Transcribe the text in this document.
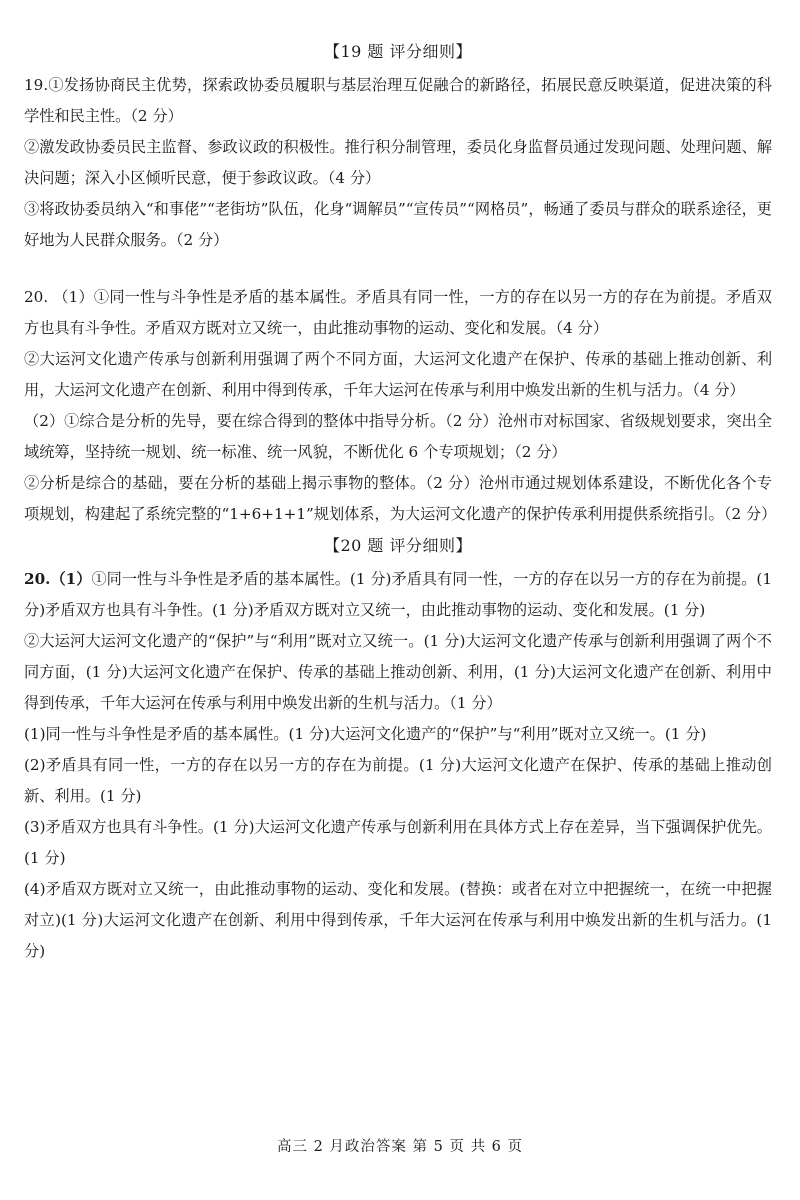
【19 题 评分细则】

19.①发扬协商民主优势，探索政协委员履职与基层治理互促融合的新路径，拓展民意反映渠道，促进决策的科学性和民主性。（2 分）

②激发政协委员民主监督、参政议政的积极性。推行积分制管理，委员化身监督员通过发现问题、处理问题、解决问题；深入小区倾听民意，便于参政议政。（4 分）

③将政协委员纳入“和事佬”“老街坊”队伍，化身“调解员”“宣传员”“网格员”，畅通了委员与群众的联系途径，更好地为人民群众服务。（2 分）

20. （1）①同一性与斗争性是矛盾的基本属性。矛盾具有同一性，一方的存在以另一方的存在为前提。矛盾双方也具有斗争性。矛盾双方既对立又统一，由此推动事物的运动、变化和发展。（4 分）

②大运河文化遗产传承与创新利用强调了两个不同方面，大运河文化遗产在保护、传承的基础上推动创新、利用，大运河文化遗产在创新、利用中得到传承，千年大运河在传承与利用中焕发出新的生机与活力。（4 分）

（2）①综合是分析的先导，要在综合得到的整体中指导分析。（2 分）沧州市对标国家、省级规划要求，突出全域统筹，坚持统一规划、统一标准、统一风貌，不断优化 6 个专项规划；（2 分）

②分析是综合的基础，要在分析的基础上揭示事物的整体。（2 分）沧州市通过规划体系建设，不断优化各个专项规划，构建起了系统完整的“1+6+1+1”规划体系，为大运河文化遗产的保护传承利用提供系统指引。（2 分）

【20 题 评分细则】

20.（1）①同一性与斗争性是矛盾的基本属性。(1 分)矛盾具有同一性，一方的存在以另一方的存在为前提。(1 分)矛盾双方也具有斗争性。(1 分)矛盾双方既对立又统一，由此推动事物的运动、变化和发展。(1 分)

②大运河大运河文化遗产的“保护”与“利用”既对立又统一。(1 分)大运河文化遗产传承与创新利用强调了两个不同方面，(1 分)大运河文化遗产在保护、传承的基础上推动创新、利用，(1 分)大运河文化遗产在创新、利用中得到传承，千年大运河在传承与利用中焕发出新的生机与活力。（1 分）

(1)同一性与斗争性是矛盾的基本属性。(1 分)大运河文化遗产的“保护”与“利用”既对立又统一。(1 分)

(2)矛盾具有同一性，一方的存在以另一方的存在为前提。(1 分)大运河文化遗产在保护、传承的基础上推动创新、利用。(1 分)

(3)矛盾双方也具有斗争性。(1 分)大运河文化遗产传承与创新利用在具体方式上存在差异，当下强调保护优先。(1 分)

(4)矛盾双方既对立又统一，由此推动事物的运动、变化和发展。(替换：或者在对立中把握统一，在统一中把握对立)(1 分)大运河文化遗产在创新、利用中得到传承，千年大运河在传承与利用中焕发出新的生机与活力。(1 分)

高三 2 月政治答案 第 5 页 共 6 页
